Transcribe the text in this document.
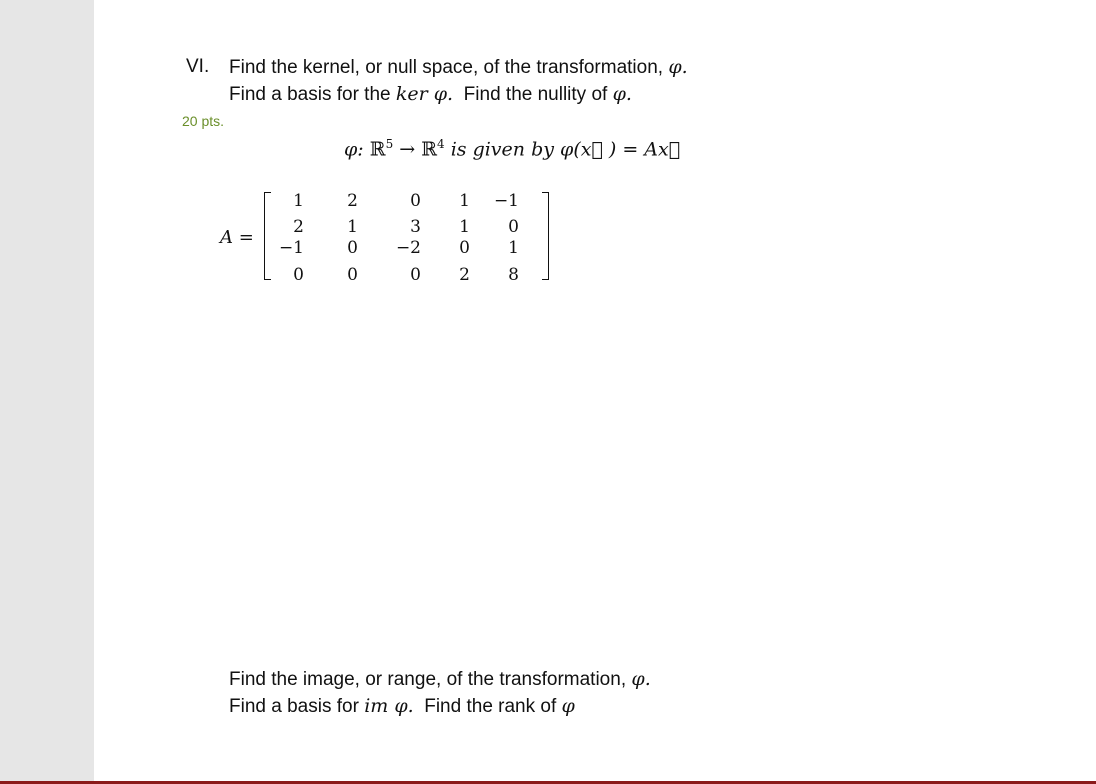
VI. Find the kernel, or null space, of the transformation, φ.
Find a basis for the ker φ. Find the nullity of φ.
20 pts.
φ: ℝ$^5$ → ℝ$^4$ is given by φ(x⃗ ) = Ax⃗
A =
1	2	0	1	−1
2	1	3	1	0
−1	0	−2	0	1
0	0	0	2	8
Find the image, or range, of the transformation, φ.
Find a basis for im φ. Find the rank of φ
